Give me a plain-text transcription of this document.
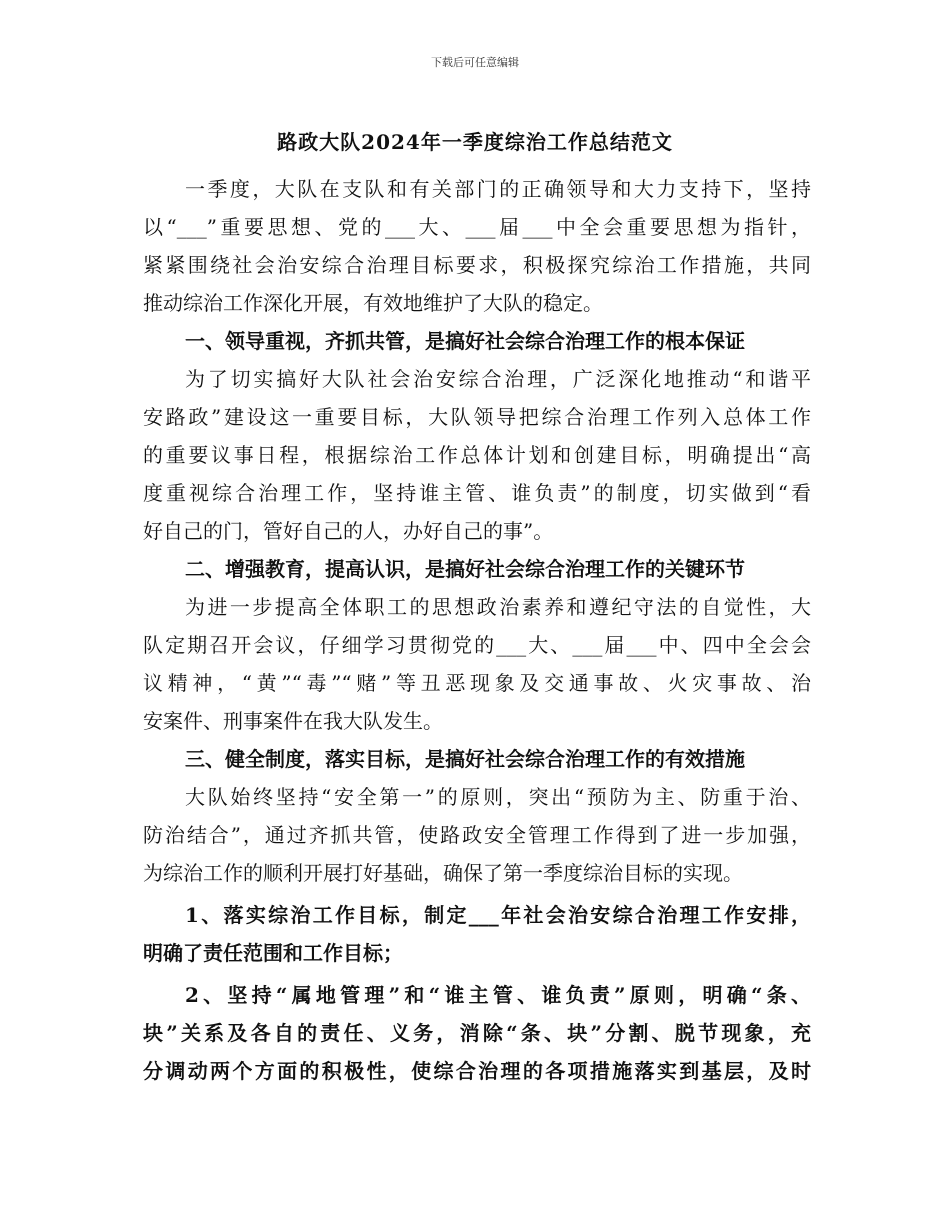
下载后可任意编辑
路政大队2024年一季度综治工作总结范文
一季度，大队在支队和有关部门的正确领导和大力支持下，坚持
以“___”重要思想、党的___大、___届___中全会重要思想为指针，
紧紧围绕社会治安综合治理目标要求，积极探究综治工作措施，共同
推动综治工作深化开展，有效地维护了大队的稳定。
一、领导重视，齐抓共管，是搞好社会综合治理工作的根本保证
为了切实搞好大队社会治安综合治理，广泛深化地推动“和谐平
安路政”建设这一重要目标，大队领导把综合治理工作列入总体工作
的重要议事日程，根据综治工作总体计划和创建目标，明确提出“高
度重视综合治理工作，坚持谁主管、谁负责”的制度，切实做到“看
好自己的门，管好自己的人，办好自己的事”。
二、增强教育，提高认识，是搞好社会综合治理工作的关键环节
为进一步提高全体职工的思想政治素养和遵纪守法的自觉性，大
队定期召开会议，仔细学习贯彻党的___大、___届___中、四中全会会
议精神，“黄”“毒”“赌”等丑恶现象及交通事故、火灾事故、治
安案件、刑事案件在我大队发生。
三、健全制度，落实目标，是搞好社会综合治理工作的有效措施
大队始终坚持“安全第一”的原则，突出“预防为主、防重于治、
防治结合”，通过齐抓共管，使路政安全管理工作得到了进一步加强，
为综治工作的顺利开展打好基础，确保了第一季度综治目标的实现。
1、落实综治工作目标，制定___年社会治安综合治理工作安排，
明确了责任范围和工作目标；
2、坚持“属地管理”和“谁主管、谁负责”原则，明确“条、
块”关系及各自的责任、义务，消除“条、块”分割、脱节现象，充
分调动两个方面的积极性，使综合治理的各项措施落实到基层，及时
